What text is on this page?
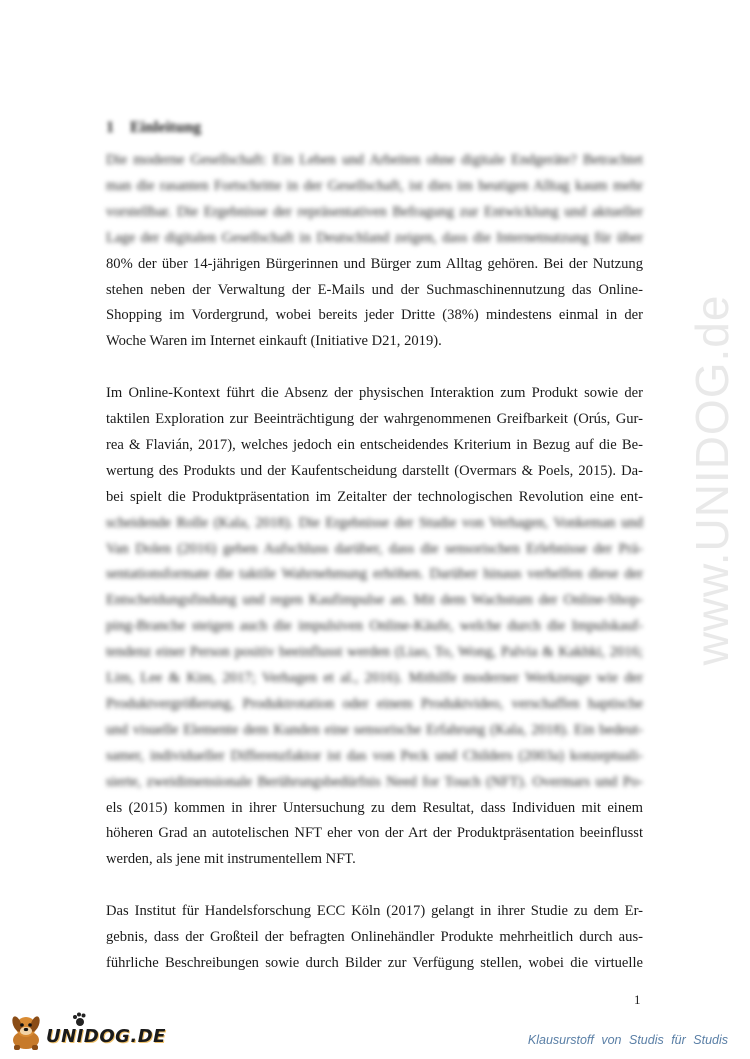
www.UNIDOG.de
1 Einleitung
Die moderne Gesellschaft: Ein Leben und Arbeiten ohne digitale Endgeräte? Betrachtet
man die rasanten Fortschritte in der Gesellschaft, ist dies im heutigen Alltag kaum mehr
vorstellbar. Die Ergebnisse der repräsentativen Befragung zur Entwicklung und aktueller
Lage der digitalen Gesellschaft in Deutschland zeigen, dass die Internetnutzung für über
80% der über 14-jährigen Bürgerinnen und Bürger zum Alltag gehören. Bei der Nutzung
stehen neben der Verwaltung der E-Mails und der Suchmaschinennutzung das Online-
Shopping im Vordergrund, wobei bereits jeder Dritte (38%) mindestens einmal in der
Woche Waren im Internet einkauft (Initiative D21, 2019).
Im Online-Kontext führt die Absenz der physischen Interaktion zum Produkt sowie der
taktilen Exploration zur Beeinträchtigung der wahrgenommenen Greifbarkeit (Orús, Gur-
rea & Flavián, 2017), welches jedoch ein entscheidendes Kriterium in Bezug auf die Be-
wertung des Produkts und der Kaufentscheidung darstellt (Overmars & Poels, 2015). Da-
bei spielt die Produktpräsentation im Zeitalter der technologischen Revolution eine ent-
scheidende Rolle (Kala, 2018). Die Ergebnisse der Studie von Verhagen, Vonkeman und
Van Dolen (2016) geben Aufschluss darüber, dass die sensorischen Erlebnisse der Prä-
sentationsformate die taktile Wahrnehmung erhöhen. Darüber hinaus verhelfen diese der
Entscheidungsfindung und regen Kaufimpulse an. Mit dem Wachstum der Online-Shop-
ping-Branche steigen auch die impulsiven Online-Käufe, welche durch die Impulskauf-
tendenz einer Person positiv beeinflusst werden (Liao, To, Wong, Palvia & Kakhki, 2016;
Lim, Lee & Kim, 2017; Verhagen et al., 2016). Mithilfe moderner Werkzeuge wie der
Produktvergrößerung, Produktrotation oder einem Produktvideo, verschaffen haptische
und visuelle Elemente dem Kunden eine sensorische Erfahrung (Kala, 2018). Ein bedeut-
samer, individueller Differenzfaktor ist das von Peck und Childers (2003a) konzeptuali-
sierte, zweidimensionale Berührungsbedürfnis Need for Touch (NFT). Overmars und Po-
els (2015) kommen in ihrer Untersuchung zu dem Resultat, dass Individuen mit einem
höheren Grad an autotelischen NFT eher von der Art der Produktpräsentation beeinflusst
werden, als jene mit instrumentellem NFT.
Das Institut für Handelsforschung ECC Köln (2017) gelangt in ihrer Studie zu dem Er-
gebnis, dass der Großteil der befragten Onlinehändler Produkte mehrheitlich durch aus-
führliche Beschreibungen sowie durch Bilder zur Verfügung stellen, wobei die virtuelle
1
UNIDOG.DE	Klausurstoff von Studis für Studis
